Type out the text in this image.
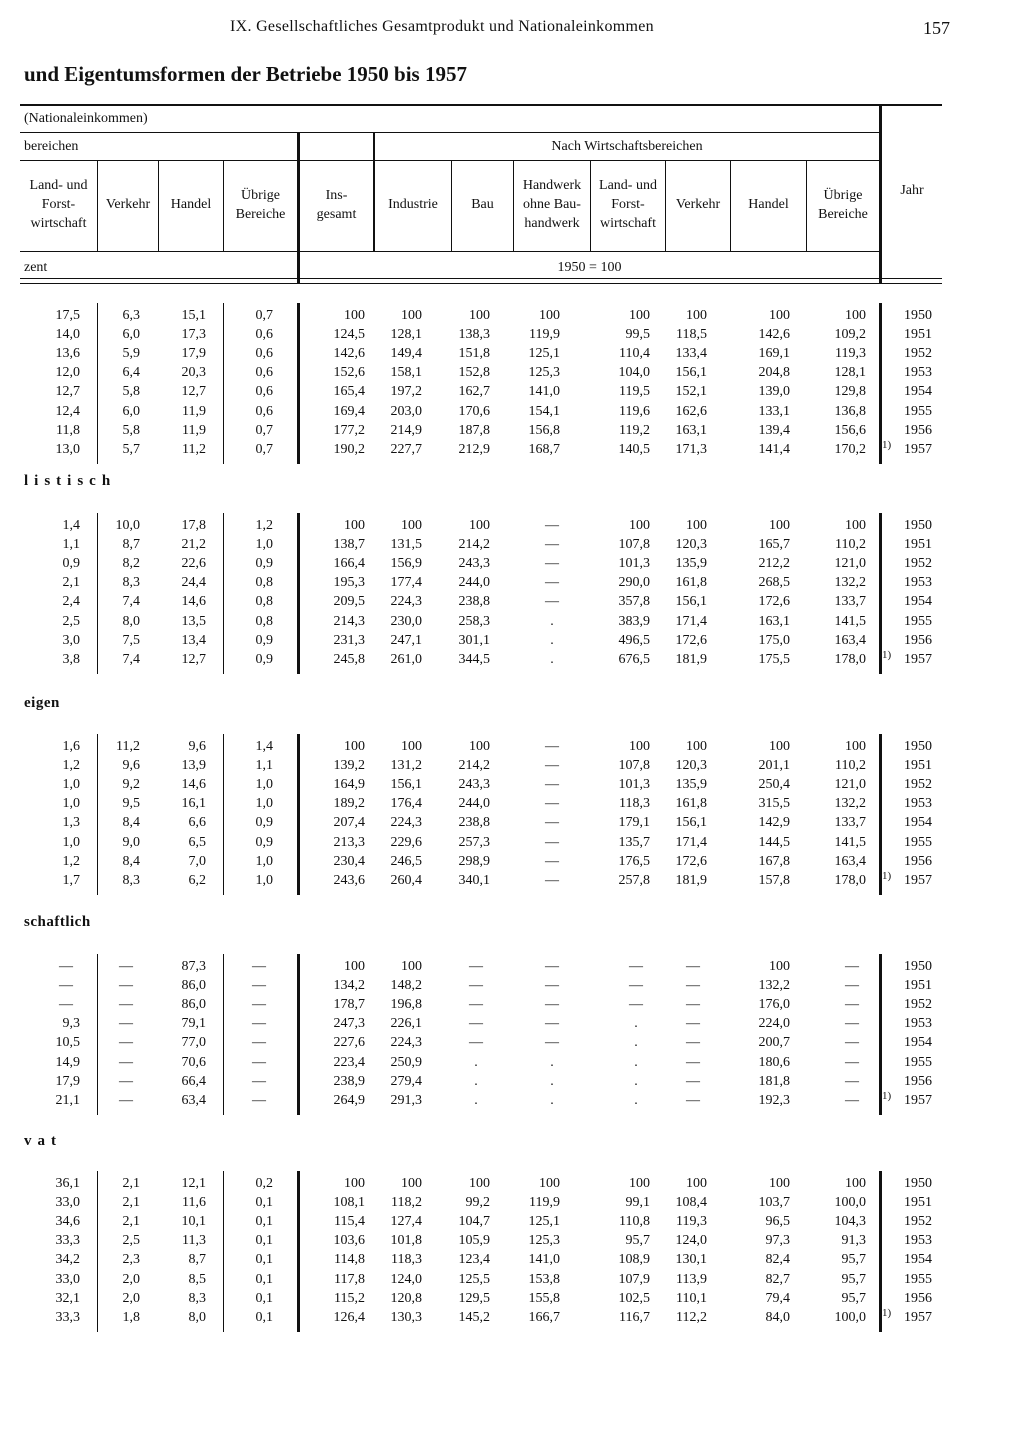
IX. Gesellschaftliches Gesamtprodukt und Nationaleinkommen	157
und Eigentumsformen der Betriebe 1950 bis 1957
(Nationaleinkommen)
bereichen	Nach Wirtschaftsbereichen
Land- und
Forst-
wirtschaft
Verkehr	Handel
Übrige
Bereiche
Ins-
gesamt
Industrie	Bau
Handwerk
ohne Bau-
handwerk
Land- und
Forst-
wirtschaft
Verkehr	Handel
Übrige
Bereiche
Jahr
zent	1950 = 100
17,5	6,3	15,1	0,7	100	100	100	100	100	100	100	100	1950
14,0	6,0	17,3	0,6	124,5	128,1	138,3	119,9	99,5	118,5	142,6	109,2	1951
13,6	5,9	17,9	0,6	142,6	149,4	151,8	125,1	110,4	133,4	169,1	119,3	1952
12,0	6,4	20,3	0,6	152,6	158,1	152,8	125,3	104,0	156,1	204,8	128,1	1953
12,7	5,8	12,7	0,6	165,4	197,2	162,7	141,0	119,5	152,1	139,0	129,8	1954
12,4	6,0	11,9	0,6	169,4	203,0	170,6	154,1	119,6	162,6	133,1	136,8	1955
11,8	5,8	11,9	0,7	177,2	214,9	187,8	156,8	119,2	163,1	139,4	156,6	1956
13,0	5,7	11,2	0,7	190,2	227,7	212,9	168,7	140,5	171,3	141,4	170,2 1) 1957
listisch
1,4	10,0	17,8	1,2	100	100	100	—	100	100	100	100	1950
1,1	8,7	21,2	1,0	138,7	131,5	214,2	—	107,8	120,3	165,7	110,2	1951
0,9	8,2	22,6	0,9	166,4	156,9	243,3	—	101,3	135,9	212,2	121,0	1952
2,1	8,3	24,4	0,8	195,3	177,4	244,0	—	290,0	161,8	268,5	132,2	1953
2,4	7,4	14,6	0,8	209,5	224,3	238,8	—	357,8	156,1	172,6	133,7	1954
2,5	8,0	13,5	0,8	214,3	230,0	258,3	.	383,9	171,4	163,1	141,5	1955
3,0	7,5	13,4	0,9	231,3	247,1	301,1	.	496,5	172,6	175,0	163,4	1956
3,8	7,4	12,7	0,9	245,8	261,0	344,5	.	676,5	181,9	175,5	178,0 1) 1957
eigen
1,6	11,2	9,6	1,4	100	100	100	—	100	100	100	100	1950
1,2	9,6	13,9	1,1	139,2	131,2	214,2	—	107,8	120,3	201,1	110,2	1951
1,0	9,2	14,6	1,0	164,9	156,1	243,3	—	101,3	135,9	250,4	121,0	1952
1,0	9,5	16,1	1,0	189,2	176,4	244,0	—	118,3	161,8	315,5	132,2	1953
1,3	8,4	6,6	0,9	207,4	224,3	238,8	—	179,1	156,1	142,9	133,7	1954
1,0	9,0	6,5	0,9	213,3	229,6	257,3	—	135,7	171,4	144,5	141,5	1955
1,2	8,4	7,0	1,0	230,4	246,5	298,9	—	176,5	172,6	167,8	163,4	1956
1,7	8,3	6,2	1,0	243,6	260,4	340,1	—	257,8	181,9	157,8	178,0 1) 1957
schaftlich
—	—	87,3	—	100	100	—	—	—	—	100	—	1950
—	—	86,0	—	134,2	148,2	—	—	—	—	132,2	—	1951
—	—	86,0	—	178,7	196,8	—	—	—	—	176,0	—	1952
9,3	—	79,1	—	247,3	226,1	—	—	.	—	224,0	—	1953
10,5	—	77,0	—	227,6	224,3	—	—	.	—	200,7	—	1954
14,9	—	70,6	—	223,4	250,9	.	.	.	—	180,6	—	1955
17,9	—	66,4	—	238,9	279,4	.	.	.	—	181,8	—	1956
21,1	—	63,4	—	264,9	291,3	.	.	.	—	192,3	—	1) 1957
vat
36,1	2,1	12,1	0,2	100	100	100	100	100	100	100	100	1950
33,0	2,1	11,6	0,1	108,1	118,2	99,2	119,9	99,1	108,4	103,7	100,0	1951
34,6	2,1	10,1	0,1	115,4	127,4	104,7	125,1	110,8	119,3	96,5	104,3	1952
33,3	2,5	11,3	0,1	103,6	101,8	105,9	125,3	95,7	124,0	97,3	91,3	1953
34,2	2,3	8,7	0,1	114,8	118,3	123,4	141,0	108,9	130,1	82,4	95,7	1954
33,0	2,0	8,5	0,1	117,8	124,0	125,5	153,8	107,9	113,9	82,7	95,7	1955
32,1	2,0	8,3	0,1	115,2	120,8	129,5	155,8	102,5	110,1	79,4	95,7	1956
33,3	1,8	8,0	0,1	126,4	130,3	145,2	166,7	116,7	112,2	84,0	100,0 1) 1957
